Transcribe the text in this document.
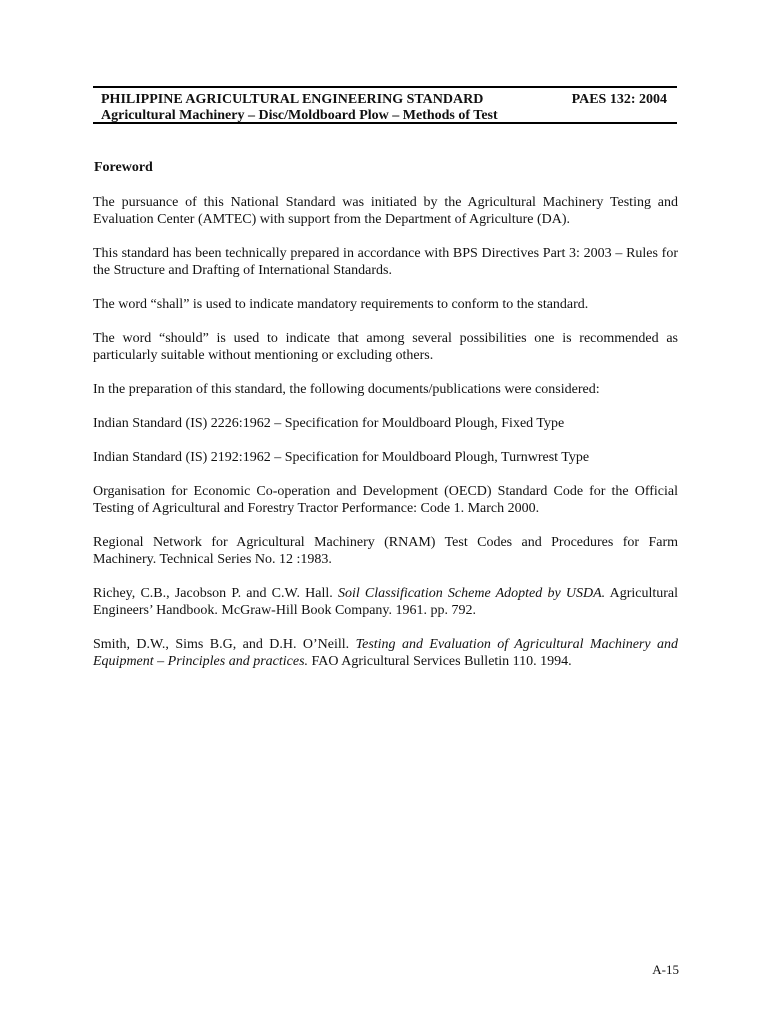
PHILIPPINE AGRICULTURAL ENGINEERING STANDARD	PAES 132: 2004
Agricultural Machinery – Disc/Moldboard Plow – Methods of Test
Foreword

The pursuance of this National Standard was initiated by the Agricultural Machinery Testing and Evaluation Center (AMTEC) with support from the Department of Agriculture (DA).

This standard has been technically prepared in accordance with BPS Directives Part 3: 2003 – Rules for the Structure and Drafting of International Standards.

The word “shall” is used to indicate mandatory requirements to conform to the standard.

The word “should” is used to indicate that among several possibilities one is recommended as particularly suitable without mentioning or excluding others.

In the preparation of this standard, the following documents/publications were considered:

Indian Standard (IS) 2226:1962 – Specification for Mouldboard Plough, Fixed Type

Indian Standard (IS) 2192:1962 – Specification for Mouldboard Plough, Turnwrest Type

Organisation for Economic Co-operation and Development (OECD) Standard Code for the Official Testing of Agricultural and Forestry Tractor Performance: Code 1. March 2000.

Regional Network for Agricultural Machinery (RNAM) Test Codes and Procedures for Farm Machinery. Technical Series No. 12 :1983.

Richey, C.B., Jacobson P. and C.W. Hall. Soil Classification Scheme Adopted by USDA. Agricultural Engineers’ Handbook. McGraw-Hill Book Company. 1961. pp. 792.

Smith, D.W., Sims B.G, and D.H. O’Neill. Testing and Evaluation of Agricultural Machinery and Equipment – Principles and practices. FAO Agricultural Services Bulletin 110. 1994.

A-15
